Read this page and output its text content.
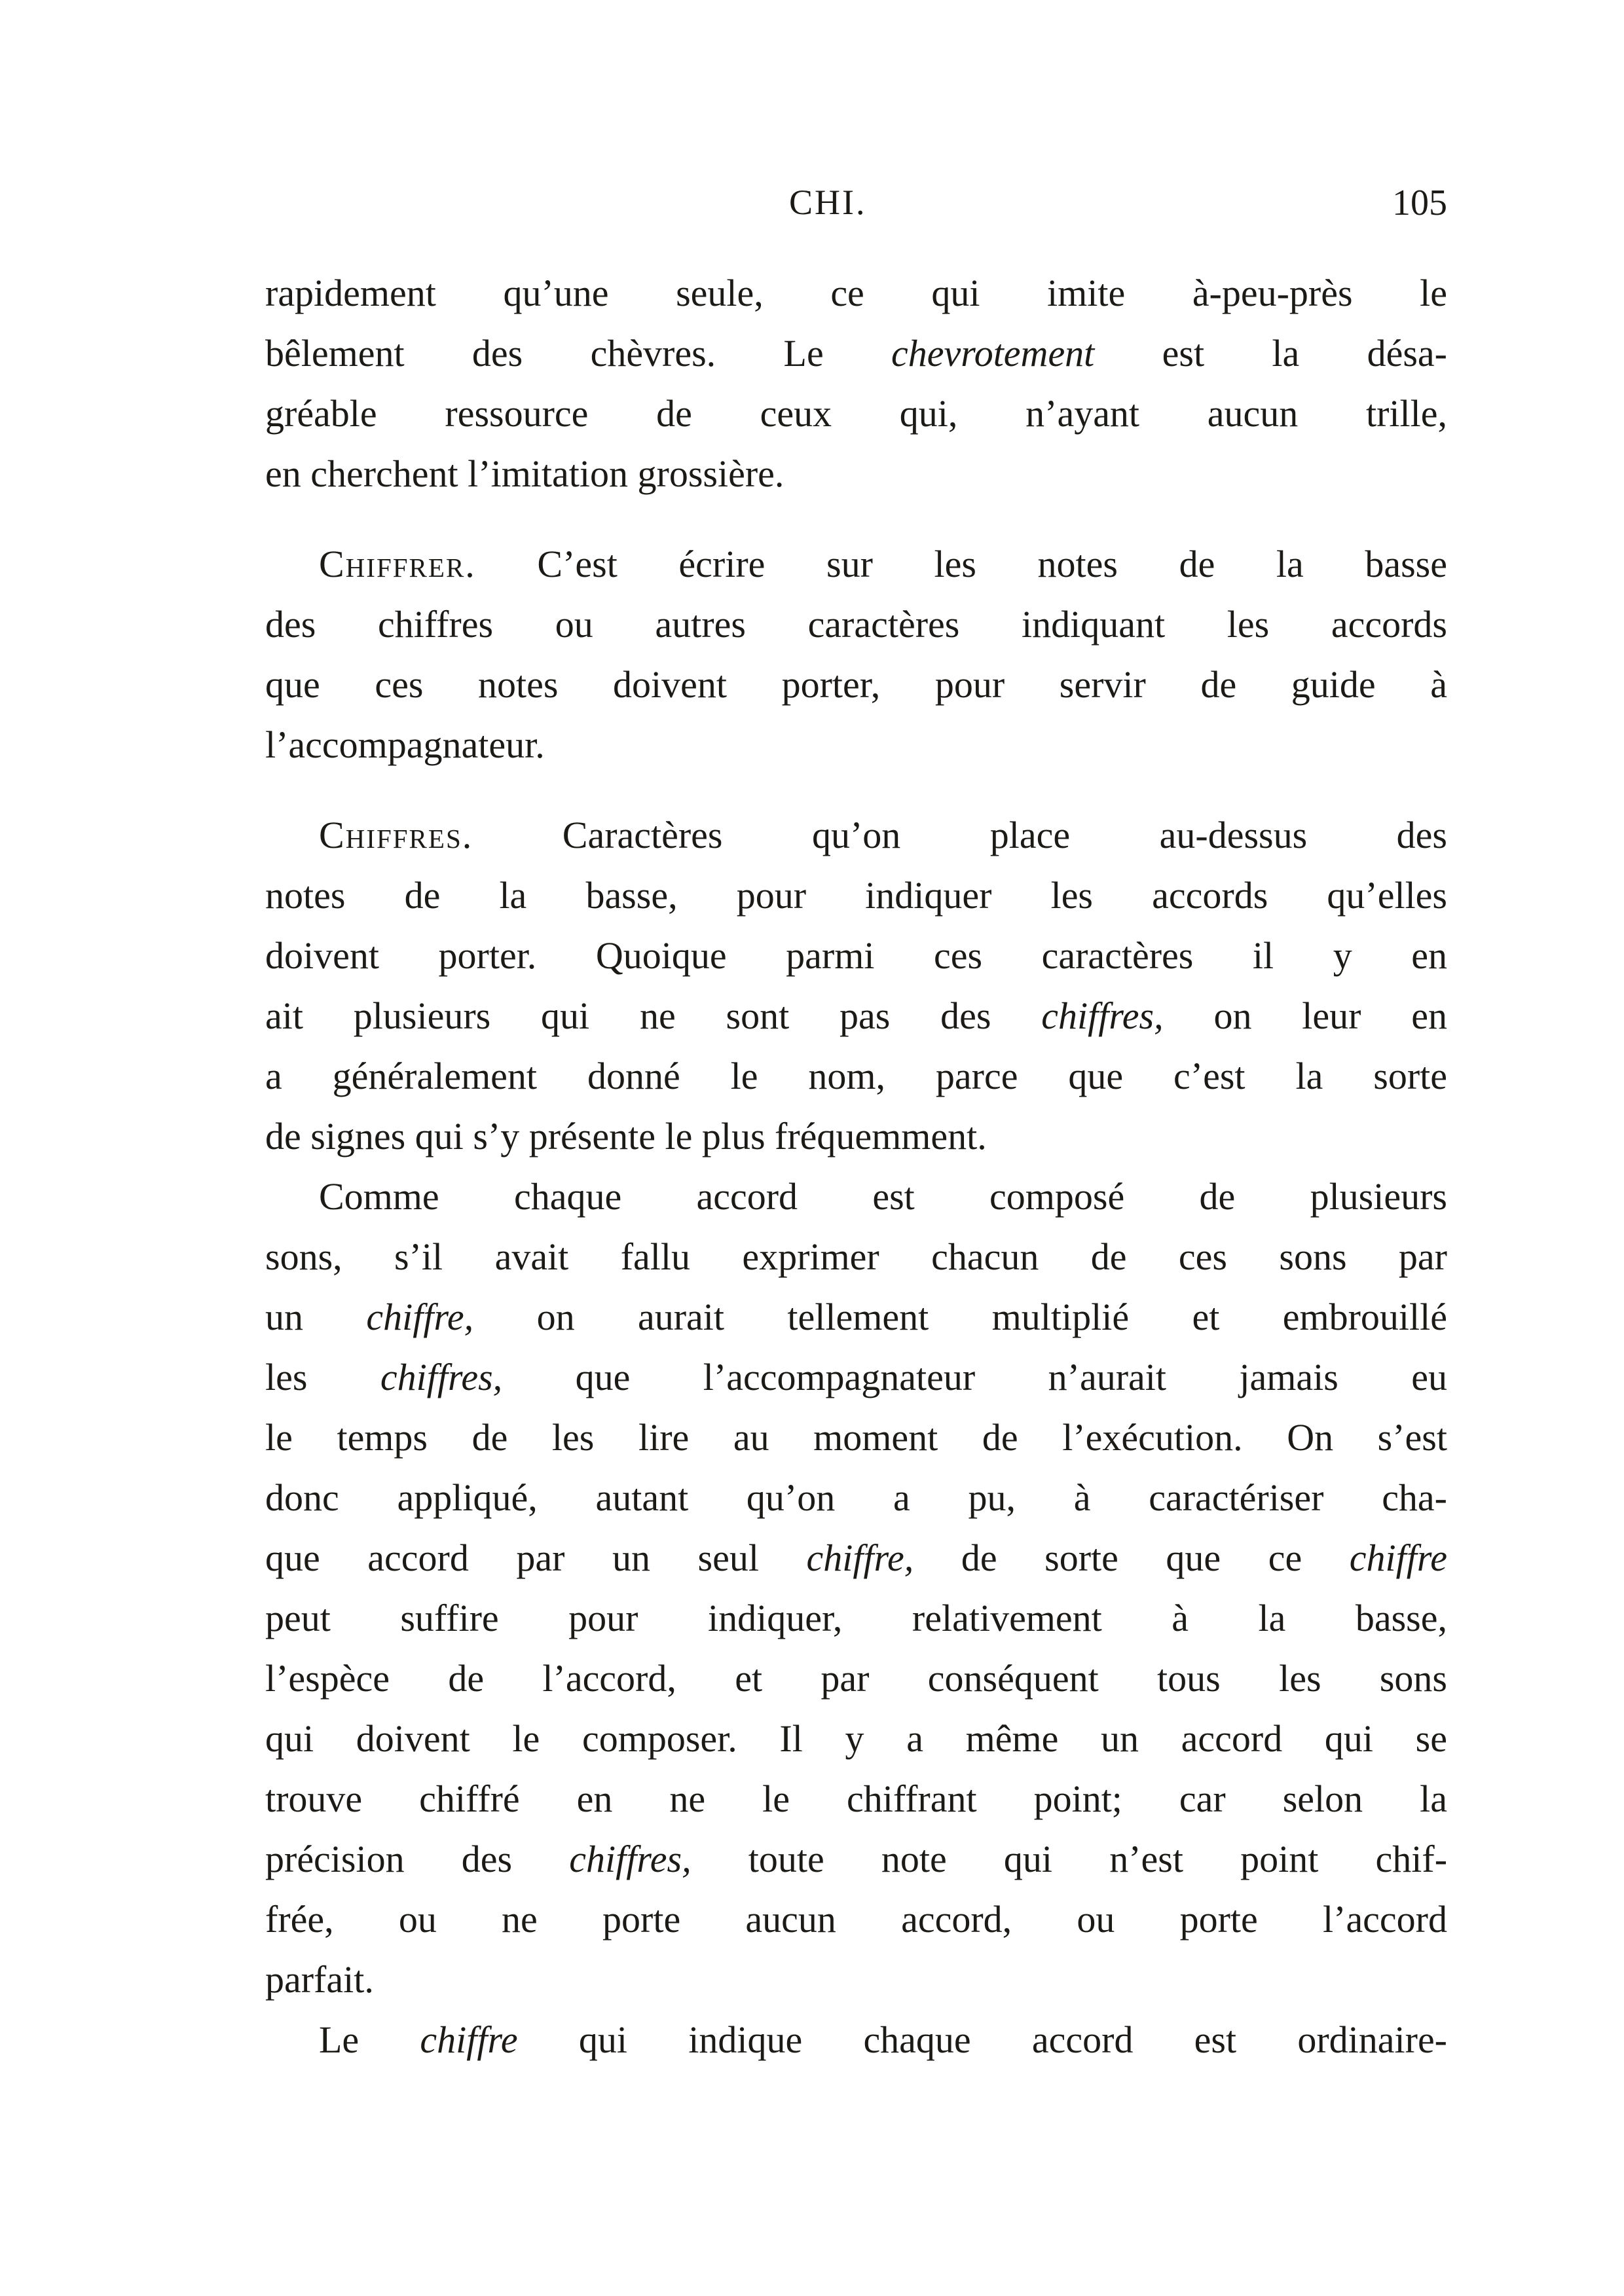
CHI.	105
rapidement qu’une seule, ce qui imite à-peu-près le
bêlement des chèvres. Le chevrotement est la désa-
gréable ressource de ceux qui, n’ayant aucun trille,
en cherchent l’imitation grossière.
Chiffrer. C’est écrire sur les notes de la basse
des chiffres ou autres caractères indiquant les accords
que ces notes doivent porter, pour servir de guide à
l’accompagnateur.
Chiffres. Caractères qu’on place au-dessus des
notes de la basse, pour indiquer les accords qu’elles
doivent porter. Quoique parmi ces caractères il y en
ait plusieurs qui ne sont pas des chiffres, on leur en
a généralement donné le nom, parce que c’est la sorte
de signes qui s’y présente le plus fréquemment.
Comme chaque accord est composé de plusieurs
sons, s’il avait fallu exprimer chacun de ces sons par
un chiffre, on aurait tellement multiplié et embrouillé
les chiffres, que l’accompagnateur n’aurait jamais eu
le temps de les lire au moment de l’exécution. On s’est
donc appliqué, autant qu’on a pu, à caractériser cha-
que accord par un seul chiffre, de sorte que ce chiffre
peut suffire pour indiquer, relativement à la basse,
l’espèce de l’accord, et par conséquent tous les sons
qui doivent le composer. Il y a même un accord qui se
trouve chiffré en ne le chiffrant point; car selon la
précision des chiffres, toute note qui n’est point chif-
frée, ou ne porte aucun accord, ou porte l’accord
parfait.
Le chiffre qui indique chaque accord est ordinaire-
